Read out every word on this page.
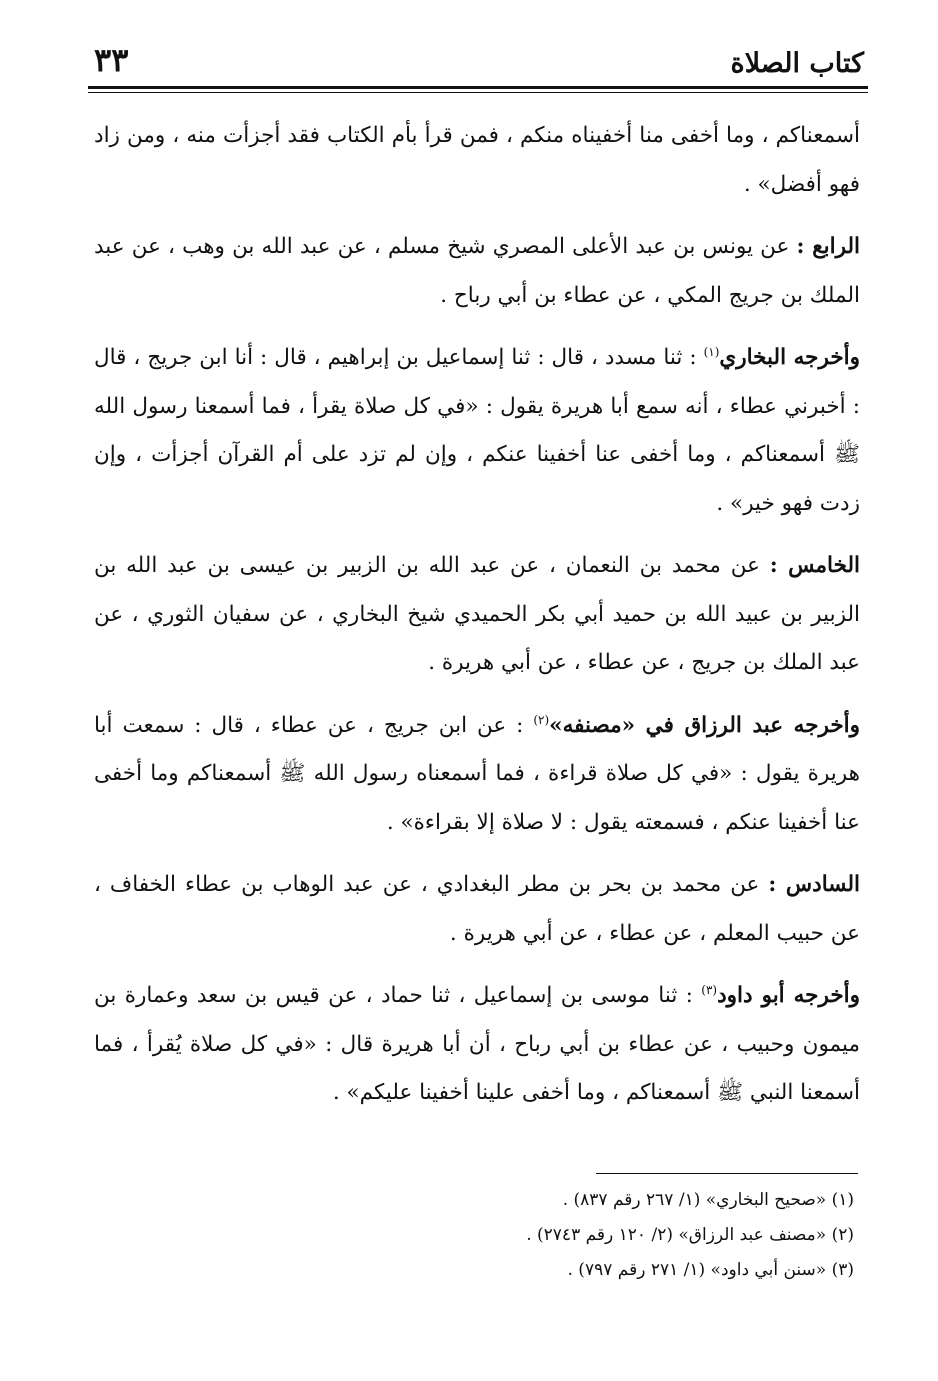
كتاب الصلاة
٣٣

أسمعناكم ، وما أخفى منا أخفيناه منكم ، فمن قرأ بأم الكتاب فقد أجزأت منه ، ومن زاد فهو أفضل» .

الرابع : عن يونس بن عبد الأعلى المصري شيخ مسلم ، عن عبد الله بن وهب ، عن عبد الملك بن جريج المكي ، عن عطاء بن أبي رباح .

وأخرجه البخاري$^{(١)}$ : ثنا مسدد ، قال : ثنا إسماعيل بن إبراهيم ، قال : أنا ابن جريج ، قال : أخبرني عطاء ، أنه سمع أبا هريرة يقول : «في كل صلاة يقرأ ، فما أسمعنا رسول الله ﷺ أسمعناكم ، وما أخفى عنا أخفينا عنكم ، وإن لم تزد على أم القرآن أجزأت ، وإن زدت فهو خير» .

الخامس : عن محمد بن النعمان ، عن عبد الله بن الزبير بن عيسى بن عبد الله بن الزبير بن عبيد الله بن حميد أبي بكر الحميدي شيخ البخاري ، عن سفيان الثوري ، عن عبد الملك بن جريج ، عن عطاء ، عن أبي هريرة .

وأخرجه عبد الرزاق في «مصنفه»$^{(٢)}$ : عن ابن جريج ، عن عطاء ، قال : سمعت أبا هريرة يقول : «في كل صلاة قراءة ، فما أسمعناه رسول الله ﷺ أسمعناكم وما أخفى عنا أخفينا عنكم ، فسمعته يقول : لا صلاة إلا بقراءة» .

السادس : عن محمد بن بحر بن مطر البغدادي ، عن عبد الوهاب بن عطاء الخفاف ، عن حبيب المعلم ، عن عطاء ، عن أبي هريرة .

وأخرجه أبو داود$^{(٣)}$ : ثنا موسى بن إسماعيل ، ثنا حماد ، عن قيس بن سعد وعمارة بن ميمون وحبيب ، عن عطاء بن أبي رباح ، أن أبا هريرة قال : «في كل صلاة يُقرأ ، فما أسمعنا النبي ﷺ أسمعناكم ، وما أخفى علينا أخفينا عليكم» .

(١) «صحيح البخاري» (١/ ٢٦٧ رقم ٨٣٧) .

(٢) «مصنف عبد الرزاق» (٢/ ١٢٠ رقم ٢٧٤٣) .

(٣) «سنن أبي داود» (١/ ٢٧١ رقم ٧٩٧) .
